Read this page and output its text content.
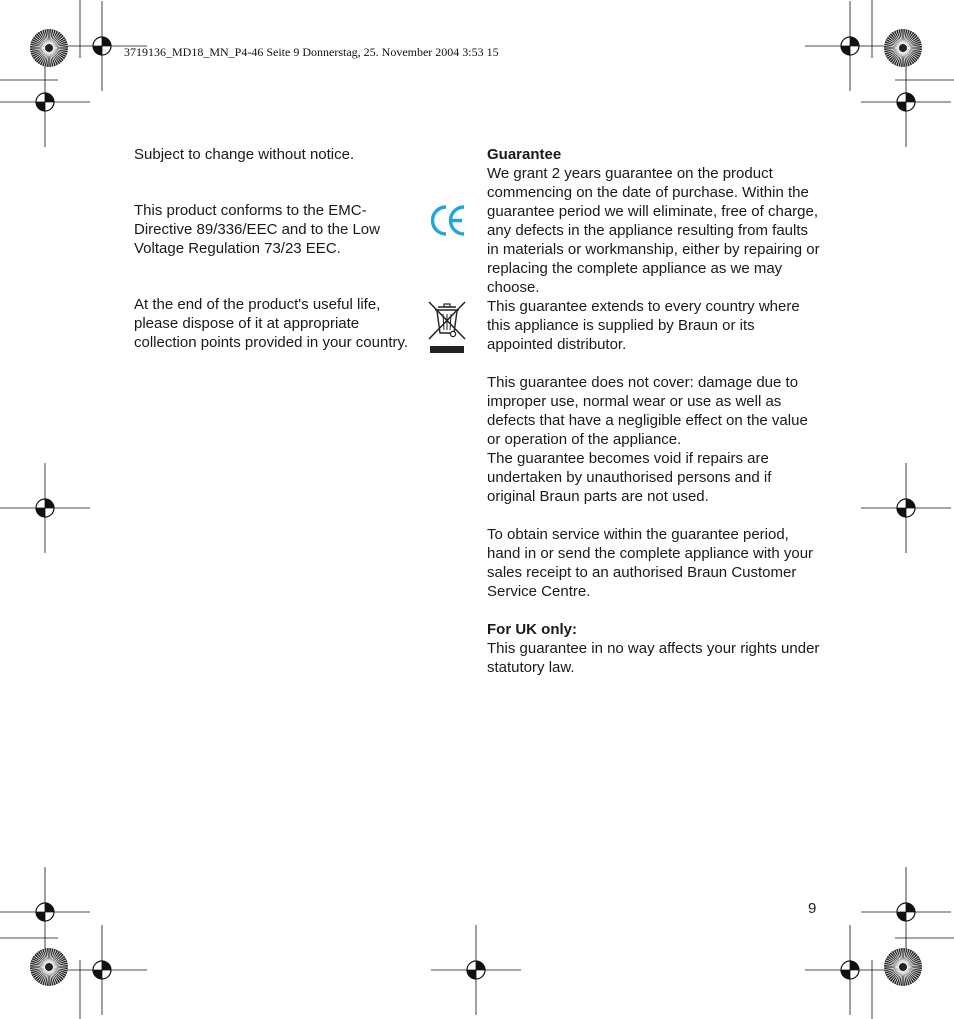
3719136_MD18_MN_P4-46 Seite 9 Donnerstag, 25. November 2004 3:53 15

Subject to change without notice.

This product conforms to the EMC-Directive 89/336/EEC and to the Low Voltage Regulation 73/23 EEC.

At the end of the product's useful life, please dispose of it at appropriate collection points provided in your country.

Guarantee
We grant 2 years guarantee on the product commencing on the date of purchase. Within the guarantee period we will eliminate, free of charge, any defects in the appliance resulting from faults in materials or workmanship, either by repairing or replacing the complete appliance as we may choose.
This guarantee extends to every country where this appliance is supplied by Braun or its appointed distributor.
This guarantee does not cover: damage due to improper use, normal wear or use as well as defects that have a negligible effect on the value or operation of the appliance.
The guarantee becomes void if repairs are undertaken by unauthorised persons and if original Braun parts are not used.
To obtain service within the guarantee period, hand in or send the complete appliance with your sales receipt to an authorised Braun Customer Service Centre.
For UK only:
This guarantee in no way affects your rights under statutory law.
9
